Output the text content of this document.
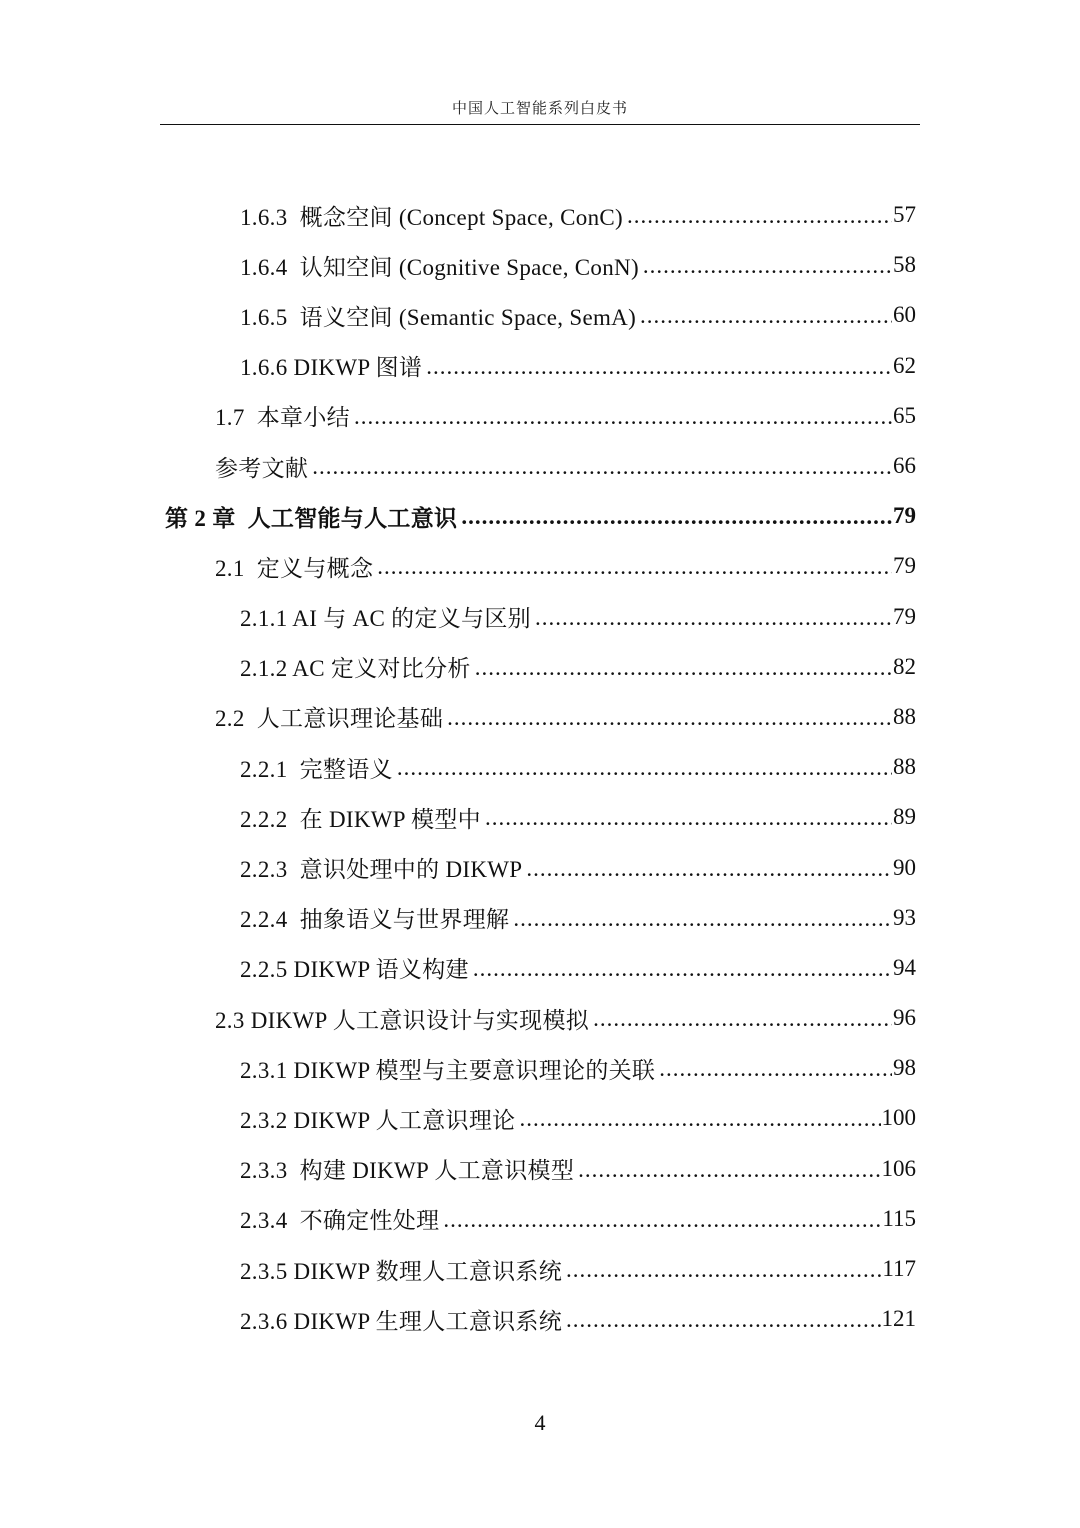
中国人工智能系列白皮书
1.6.3  概念空间 (Concept Space, ConC) .....	57
1.6.4  认知空间 (Cognitive Space, ConN) .....	58
1.6.5  语义空间 (Semantic Space, SemA) .....	60
1.6.6 DIKWP 图谱 .....	62
1.7  本章小结 .....	65
参考文献 .....	66
第 2 章  人工智能与人工意识 .....	79
2.1  定义与概念 .....	79
2.1.1 AI 与 AC 的定义与区别 .....	79
2.1.2 AC 定义对比分析 .....	82
2.2  人工意识理论基础 .....	88
2.2.1  完整语义 .....	88
2.2.2  在 DIKWP 模型中 .....	89
2.2.3  意识处理中的 DIKWP .....	90
2.2.4  抽象语义与世界理解 .....	93
2.2.5 DIKWP 语义构建 .....	94
2.3 DIKWP 人工意识设计与实现模拟 .....	96
2.3.1 DIKWP 模型与主要意识理论的关联 .....	98
2.3.2 DIKWP 人工意识理论 .....	100
2.3.3  构建 DIKWP 人工意识模型 .....	106
2.3.4  不确定性处理 .....	115
2.3.5 DIKWP 数理人工意识系统 .....	117
2.3.6 DIKWP 生理人工意识系统 .....	121
4
